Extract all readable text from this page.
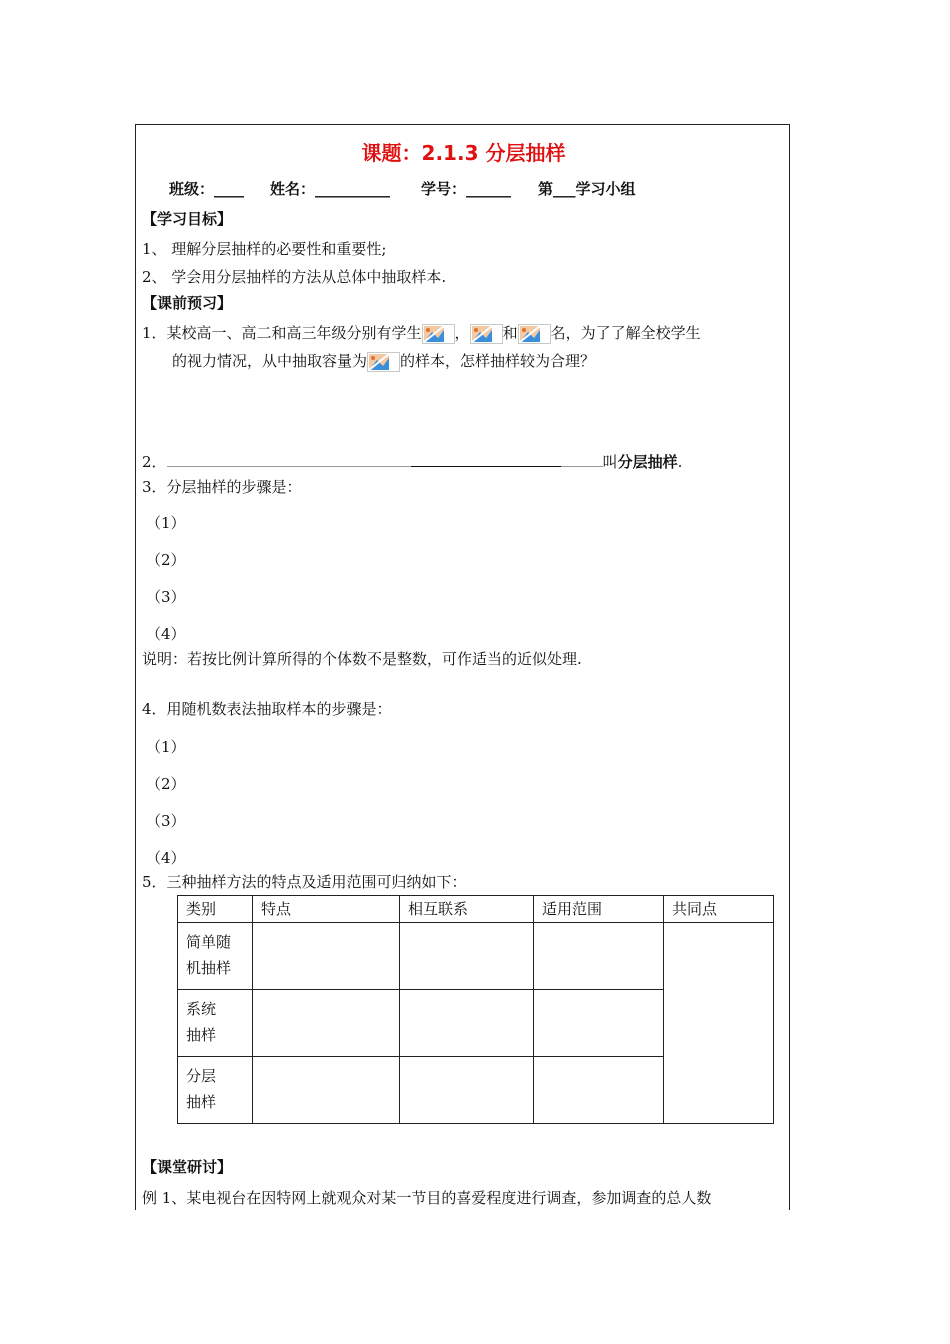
课题：2.1.3 分层抽样
班级：____ 姓名：__________ 学号：______ 第___学习小组
【学习目标】
1、 理解分层抽样的必要性和重要性;
2、 学会用分层抽样的方法从总体中抽取样本.
【课前预习】
1．某校高一、高二和高三年级分别有学生 ， 和 名，为了了解全校学生
的视力情况，从中抽取容量为 的样本，怎样抽样较为合理？
2．	叫分层抽样.
3．分层抽样的步骤是：
（1）
（2）
（3）
（4）
说明：若按比例计算所得的个体数不是整数，可作适当的近似处理.
4．用随机数表法抽取样本的步骤是：
（1）
（2）
（3）
（4）
5．三种抽样方法的特点及适用范围可归纳如下：
类别	特点	相互联系	适用范围	共同点

简单随
机抽样				

系统
抽样				

分层
抽样				

【课堂研讨】
例 1、某电视台在因特网上就观众对某一节目的喜爱程度进行调查，参加调查的总人数
